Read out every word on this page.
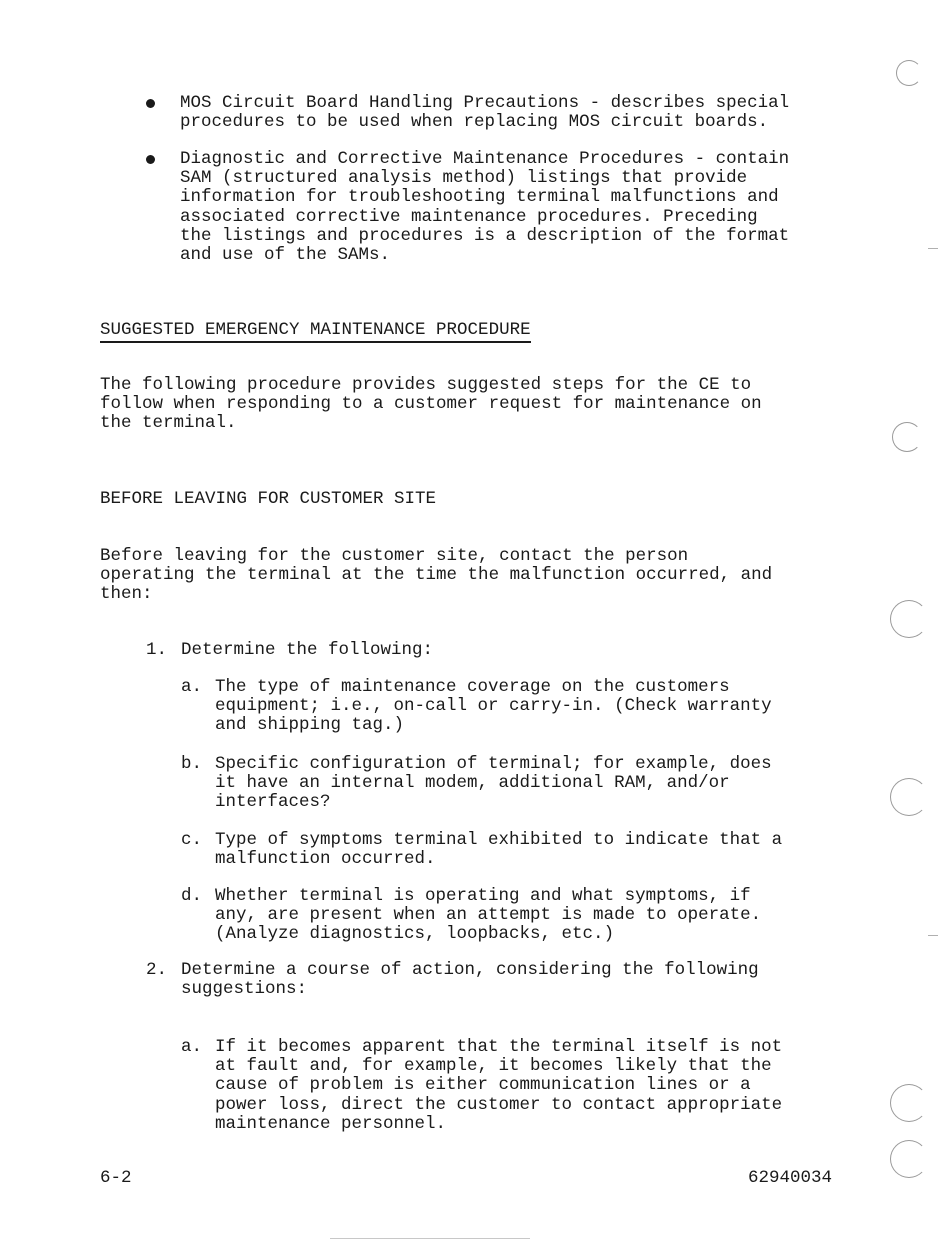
MOS Circuit Board Handling Precautions - describes special
procedures to be used when replacing MOS circuit boards.
Diagnostic and Corrective Maintenance Procedures - contain
SAM (structured analysis method) listings that provide
information for troubleshooting terminal malfunctions and
associated corrective maintenance procedures. Preceding
the listings and procedures is a description of the format
and use of the SAMs.
SUGGESTED EMERGENCY MAINTENANCE PROCEDURE
The following procedure provides suggested steps for the CE to
follow when responding to a customer request for maintenance on
the terminal.
BEFORE LEAVING FOR CUSTOMER SITE
Before leaving for the customer site, contact the person
operating the terminal at the time the malfunction occurred, and
then:
1. Determine the following:
a. The type of maintenance coverage on the customers
equipment; i.e., on-call or carry-in. (Check warranty
and shipping tag.)
b. Specific configuration of terminal; for example, does
it have an internal modem, additional RAM, and/or
interfaces?
c. Type of symptoms terminal exhibited to indicate that a
malfunction occurred.
d. Whether terminal is operating and what symptoms, if
any, are present when an attempt is made to operate.
(Analyze diagnostics, loopbacks, etc.)
2. Determine a course of action, considering the following
suggestions:
a. If it becomes apparent that the terminal itself is not
at fault and, for example, it becomes likely that the
cause of problem is either communication lines or a
power loss, direct the customer to contact appropriate
maintenance personnel.
6-2	62940034
